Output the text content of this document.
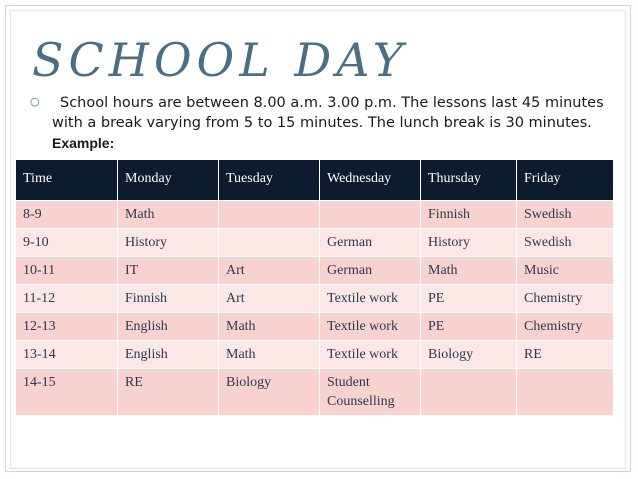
SCHOOL DAY
○	School hours are between 8.00 a.m. 3.00 p.m. The lessons last 45 minutes with a break varying from 5 to 15 minutes. The lunch break is 30 minutes. Example:
Time	Monday	Tuesday	Wednesday	Thursday	Friday
8-9	Math			Finnish	Swedish
9-10	History		German	History	Swedish
10-11	IT	Art	German	Math	Music
11-12	Finnish	Art	Textile work	PE	Chemistry
12-13	English	Math	Textile work	PE	Chemistry
13-14	English	Math	Textile work	Biology	RE
14-15	RE	Biology	Student Counselling		
